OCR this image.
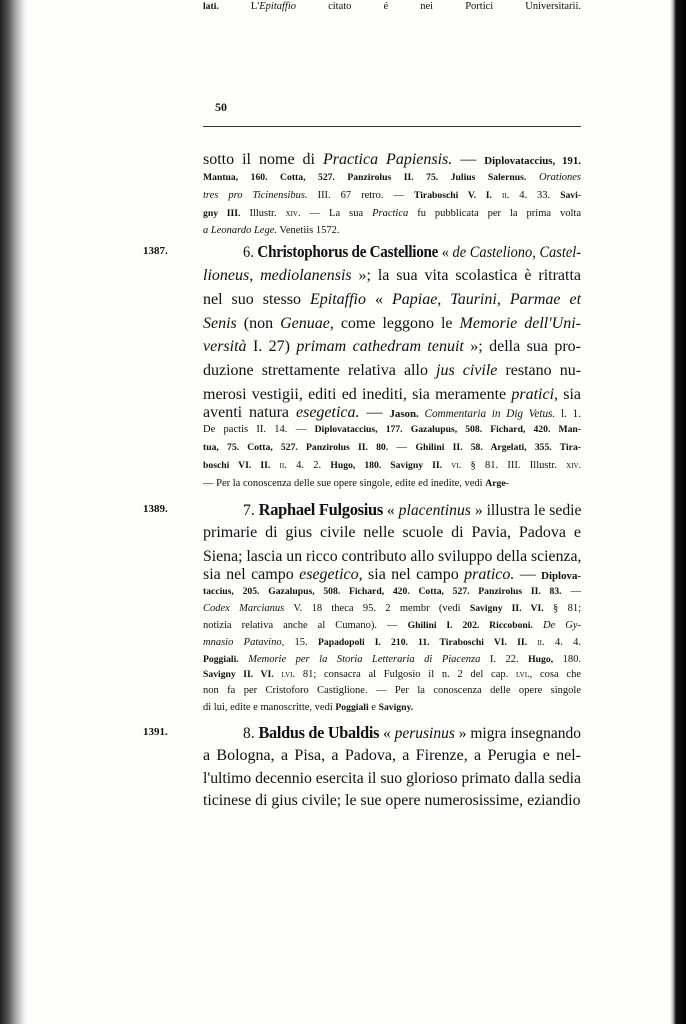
50
1387.
1389.
1391.
sotto il nome di Practica Papiensis. — Diplovataccius, 191.
Mantua, 160. Cotta, 527. Panzirolus II. 75. Julius Salernus. Orationes
tres pro Ticinensibus. III. 67 retro. — Tiraboschi V. I. ii. 4. 33. Savi-
gny III. Illustr. xiv. — La sua Practica fu pubblicata per la prima volta
a Leonardo Lege. Venetiis 1572.
6. Christophorus de Castellione « de Casteliono, Castel-
lioneus, mediolanensis »; la sua vita scolastica è ritratta
nel suo stesso Epitaffio « Papiae, Taurini, Parmae et
Senis (non Genuae, come leggono le Memorie dell'Uni-
versità I. 27) primam cathedram tenuit »; della sua pro-
duzione strettamente relativa allo jus civile restano nu-
merosi vestigii, editi ed inediti, sia meramente pratici, sia
aventi natura esegetica. — Jason. Commentaria in Dig Vetus. l. 1.
De pactis II. 14. — Diplovataccius, 177. Gazalupus, 508. Fichard, 420. Man-
tua, 75. Cotta, 527. Panzirolus II. 80. — Ghilini II. 58. Argelati, 355. Tira-
boschi VI. II. ii. 4. 2. Hugo, 180. Savigny II. vi. § 81. III. Illustr. xiv.
— Per la conoscenza delle sue opere singole, edite ed inedite, vedi Arge-
lati. L'Epitaffio citato é nei Portici Universitarii.
7. Raphael Fulgosius « placentinus » illustra le sedie
primarie di gius civile nelle scuole di Pavia, Padova e
Siena; lascia un ricco contributo allo sviluppo della scienza,
sia nel campo esegetico, sia nel campo pratico. — Diplova-
taccius, 205. Gazalupus, 508. Fichard, 420. Cotta, 527. Panzirolus II. 83. —
Codex Marcianus V. 18 theca 95. 2 membr (vedi Savigny II. VI. § 81;
notizia relativa anche al Cumano). — Ghilini I. 202. Riccoboni. De Gy-
mnasio Patavino, 15. Papadopoli I. 210. 11. Tiraboschi VI. II. ii. 4. 4.
Poggiali. Memorie per la Storia Letteraria di Piacenza I. 22. Hugo, 180.
Savigny II. VI. lvi. 81; consacra al Fulgosio il n. 2 del cap. lvi., cosa che
non fa per Cristoforo Castiglione. — Per la conoscenza delle opere singole
di lui, edite e manoscritte, vedi Poggiali e Savigny.
8. Baldus de Ubaldis « perusinus » migra insegnando
a Bologna, a Pisa, a Padova, a Firenze, a Perugia e nel-
l'ultimo decennio esercita il suo glorioso primato dalla sedia
ticinese di gius civile; le sue opere numerosissime, eziandio
